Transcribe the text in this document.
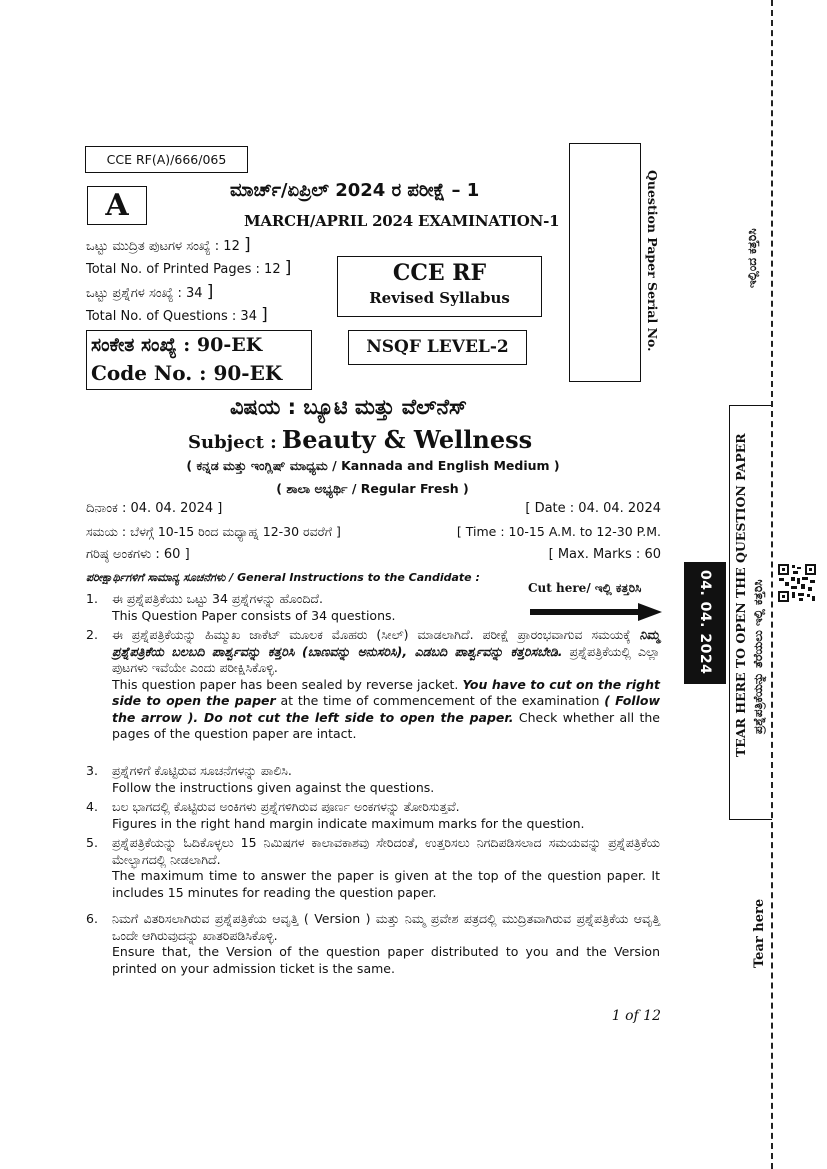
CCE RF(A)/666/065
A	ಮಾರ್ಚ್/ಏಪ್ರಿಲ್ 2024 ರ ಪರೀಕ್ಷೆ – 1
MARCH/APRIL 2024 EXAMINATION-1
ಒಟ್ಟು ಮುದ್ರಿತ ಪುಟಗಳ ಸಂಖ್ಯೆ : 12 ]
Total No. of Printed Pages : 12 ]
ಒಟ್ಟು ಪ್ರಶ್ನೆಗಳ ಸಂಖ್ಯೆ : 34 ]
Total No. of Questions : 34 ]
CCE RF
Revised Syllabus
ಸಂಕೇತ ಸಂಖ್ಯೆ : 90-EK
Code No. : 90-EK
NSQF LEVEL-2
ವಿಷಯ : ಬ್ಯೂಟಿ ಮತ್ತು ವೆಲ್‌ನೆಸ್
Subject : Beauty & Wellness
( ಕನ್ನಡ ಮತ್ತು ಇಂಗ್ಲಿಷ್ ಮಾಧ್ಯಮ / Kannada and English Medium )
( ಶಾಲಾ ಅಭ್ಯರ್ಥಿ / Regular Fresh )
ದಿನಾಂಕ : 04. 04. 2024 ]	[ Date : 04. 04. 2024
ಸಮಯ : ಬೆಳಗ್ಗೆ 10-15 ರಿಂದ ಮಧ್ಯಾಹ್ನ 12-30 ರವರೆಗೆ ]	[ Time : 10-15 A.M. to 12-30 P.M.
ಗರಿಷ್ಠ ಅಂಕಗಳು : 60 ]	[ Max. Marks : 60
ಪರೀಕ್ಷಾರ್ಥಿಗಳಿಗೆ ಸಾಮಾನ್ಯ ಸೂಚನೆಗಳು / General Instructions to the Candidate :
Cut here/ ಇಲ್ಲಿ ಕತ್ತರಿಸಿ
1. ಈ ಪ್ರಶ್ನೆಪತ್ರಿಕೆಯು ಒಟ್ಟು 34 ಪ್ರಶ್ನೆಗಳನ್ನು ಹೊಂದಿದೆ.

This Question Paper consists of 34 questions.

2. ಈ ಪ್ರಶ್ನೆಪತ್ರಿಕೆಯನ್ನು ಹಿಮ್ಮುಖ ಜಾಕೆಟ್ ಮೂಲಕ ಮೊಹರು (ಸೀಲ್) ಮಾಡಲಾಗಿದೆ. ಪರೀಕ್ಷೆ ಪ್ರಾರಂಭವಾಗುವ ಸಮಯಕ್ಕೆ ನಿಮ್ಮ ಪ್ರಶ್ನೆಪತ್ರಿಕೆಯ ಬಲಬದಿ ಪಾರ್ಶ್ವವನ್ನು ಕತ್ತರಿಸಿ (ಬಾಣವನ್ನು ಅನುಸರಿಸಿ), ಎಡಬದಿ ಪಾರ್ಶ್ವವನ್ನು ಕತ್ತರಿಸಬೇಡಿ. ಪ್ರಶ್ನೆಪತ್ರಿಕೆಯಲ್ಲಿ ಎಲ್ಲಾ ಪುಟಗಳು ಇವೆಯೇ ಎಂದು ಪರೀಕ್ಷಿಸಿಕೊಳ್ಳಿ.

This question paper has been sealed by reverse jacket. You have to cut on the right side to open the paper at the time of commencement of the examination ( Follow the arrow ). Do not cut the left side to open the paper. Check whether all the pages of the question paper are intact.

3. ಪ್ರಶ್ನೆಗಳಿಗೆ ಕೊಟ್ಟಿರುವ ಸೂಚನೆಗಳನ್ನು ಪಾಲಿಸಿ.

Follow the instructions given against the questions.

4. ಬಲ ಭಾಗದಲ್ಲಿ ಕೊಟ್ಟಿರುವ ಅಂಕಿಗಳು ಪ್ರಶ್ನೆಗಳಿಗಿರುವ ಪೂರ್ಣ ಅಂಕಗಳನ್ನು ತೋರಿಸುತ್ತವೆ.

Figures in the right hand margin indicate maximum marks for the question.

5. ಪ್ರಶ್ನೆಪತ್ರಿಕೆಯನ್ನು ಓದಿಕೊಳ್ಳಲು 15 ನಿಮಿಷಗಳ ಕಾಲಾವಕಾಶವು ಸೇರಿದಂತೆ, ಉತ್ತರಿಸಲು ನಿಗದಿಪಡಿಸಲಾದ ಸಮಯವನ್ನು ಪ್ರಶ್ನೆಪತ್ರಿಕೆಯ ಮೇಲ್ಭಾಗದಲ್ಲಿ ನೀಡಲಾಗಿದೆ.

The maximum time to answer the paper is given at the top of the question paper. It includes 15 minutes for reading the question paper.

6. ನಿಮಗೆ ವಿತರಿಸಲಾಗಿರುವ ಪ್ರಶ್ನೆಪತ್ರಿಕೆಯ ಆವೃತ್ತಿ ( Version ) ಮತ್ತು ನಿಮ್ಮ ಪ್ರವೇಶ ಪತ್ರದಲ್ಲಿ ಮುದ್ರಿತವಾಗಿರುವ ಪ್ರಶ್ನೆಪತ್ರಿಕೆಯ ಆವೃತ್ತಿ ಒಂದೇ ಆಗಿರುವುದನ್ನು ಖಾತರಿಪಡಿಸಿಕೊಳ್ಳಿ.

Ensure that, the Version of the question paper distributed to you and the Version printed on your admission ticket is the same.

1 of 12
Question Paper Serial No.	ಇಲ್ಲಿಂದ ಕತ್ತರಿಸಿ
04. 04. 2024 TEAR HERE TO OPEN THE QUESTION PAPER ಪ್ರಶ್ನೆಪತ್ರಿಕೆಯನ್ನು ತೆರೆಯಲು ಇಲ್ಲಿ ಕತ್ತರಿಸಿ
Tear here
